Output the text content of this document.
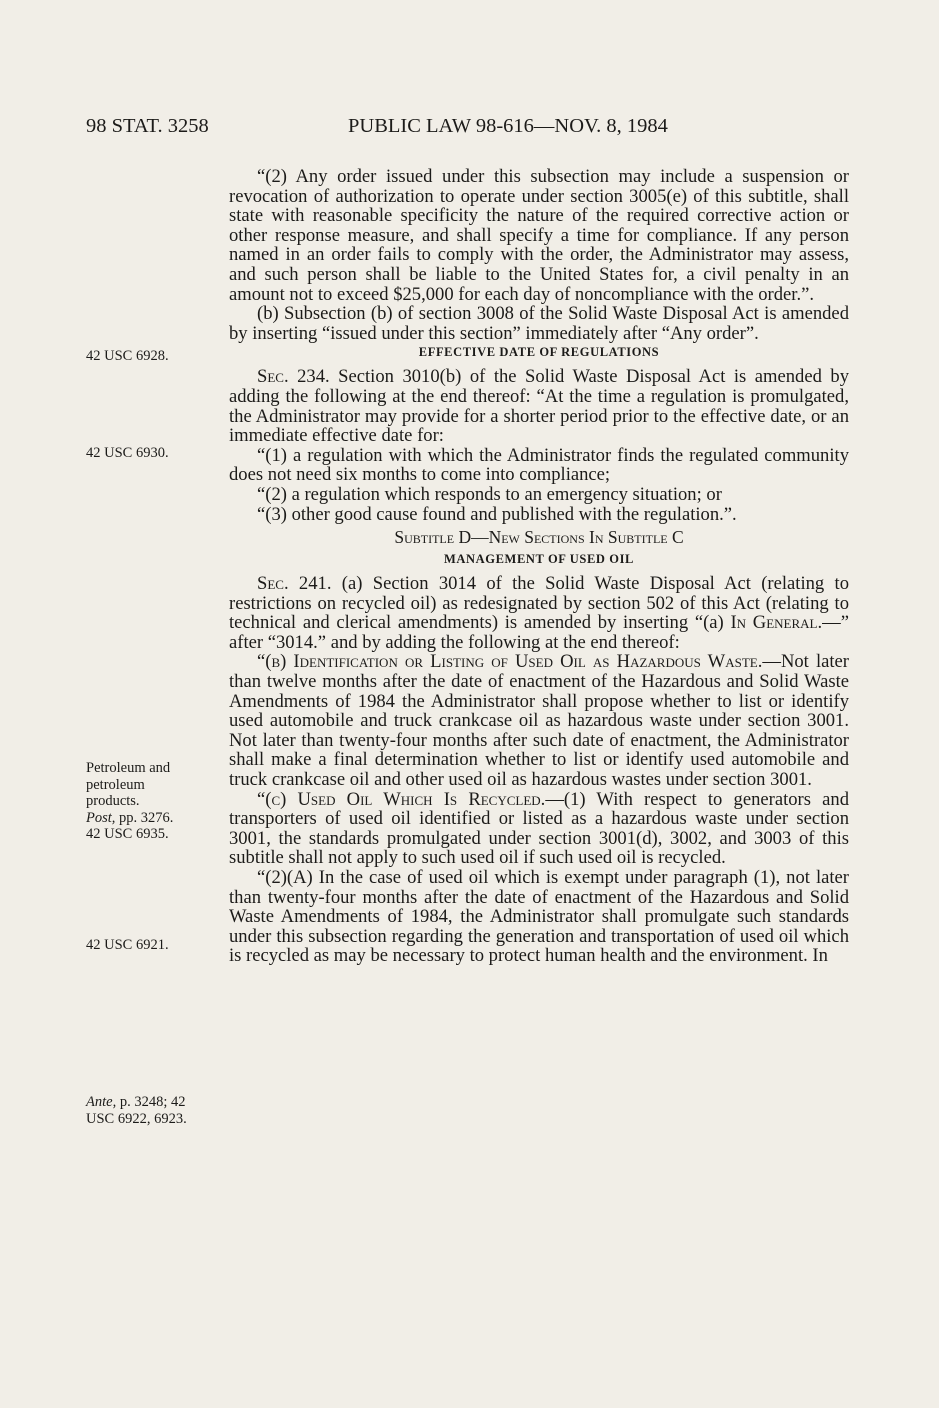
98 STAT. 3258	PUBLIC LAW 98-616—NOV. 8, 1984
42 USC 6928.
42 USC 6930.
Petroleum and
petroleum
products.
Post, pp. 3276.
42 USC 6935.
42 USC 6921.
Ante, p. 3248; 42
USC 6922, 6923.

“(2) Any order issued under this subsection may include a suspension or revocation of authorization to operate under section 3005(e) of this subtitle, shall state with reasonable specificity the nature of the required corrective action or other response measure, and shall specify a time for compliance. If any person named in an order fails to comply with the order, the Administrator may assess, and such person shall be liable to the United States for, a civil penalty in an amount not to exceed $25,000 for each day of noncompliance with the order.”.

(b) Subsection (b) of section 3008 of the Solid Waste Disposal Act is amended by inserting “issued under this section” immediately after “Any order”.

EFFECTIVE DATE OF REGULATIONS

Sec. 234. Section 3010(b) of the Solid Waste Disposal Act is amended by adding the following at the end thereof: “At the time a regulation is promulgated, the Administrator may provide for a shorter period prior to the effective date, or an immediate effective date for:

“(1) a regulation with which the Administrator finds the regulated community does not need six months to come into compliance;

“(2) a regulation which responds to an emergency situation; or

“(3) other good cause found and published with the regulation.”.

Subtitle D—New Sections In Subtitle C
MANAGEMENT OF USED OIL

Sec. 241. (a) Section 3014 of the Solid Waste Disposal Act (relating to restrictions on recycled oil) as redesignated by section 502 of this Act (relating to technical and clerical amendments) is amended by inserting “(a) In General.—” after “3014.” and by adding the following at the end thereof:

“(b) Identification or Listing of Used Oil as Hazardous Waste.—Not later than twelve months after the date of enactment of the Hazardous and Solid Waste Amendments of 1984 the Administrator shall propose whether to list or identify used automobile and truck crankcase oil as hazardous waste under section 3001. Not later than twenty-four months after such date of enactment, the Administrator shall make a final determination whether to list or identify used automobile and truck crankcase oil and other used oil as hazardous wastes under section 3001.

“(c) Used Oil Which Is Recycled.—(1) With respect to generators and transporters of used oil identified or listed as a hazardous waste under section 3001, the standards promulgated under section 3001(d), 3002, and 3003 of this subtitle shall not apply to such used oil if such used oil is recycled.

“(2)(A) In the case of used oil which is exempt under paragraph (1), not later than twenty-four months after the date of enactment of the Hazardous and Solid Waste Amendments of 1984, the Administrator shall promulgate such standards under this subsection regarding the generation and transportation of used oil which is recycled as may be necessary to protect human health and the environment. In
